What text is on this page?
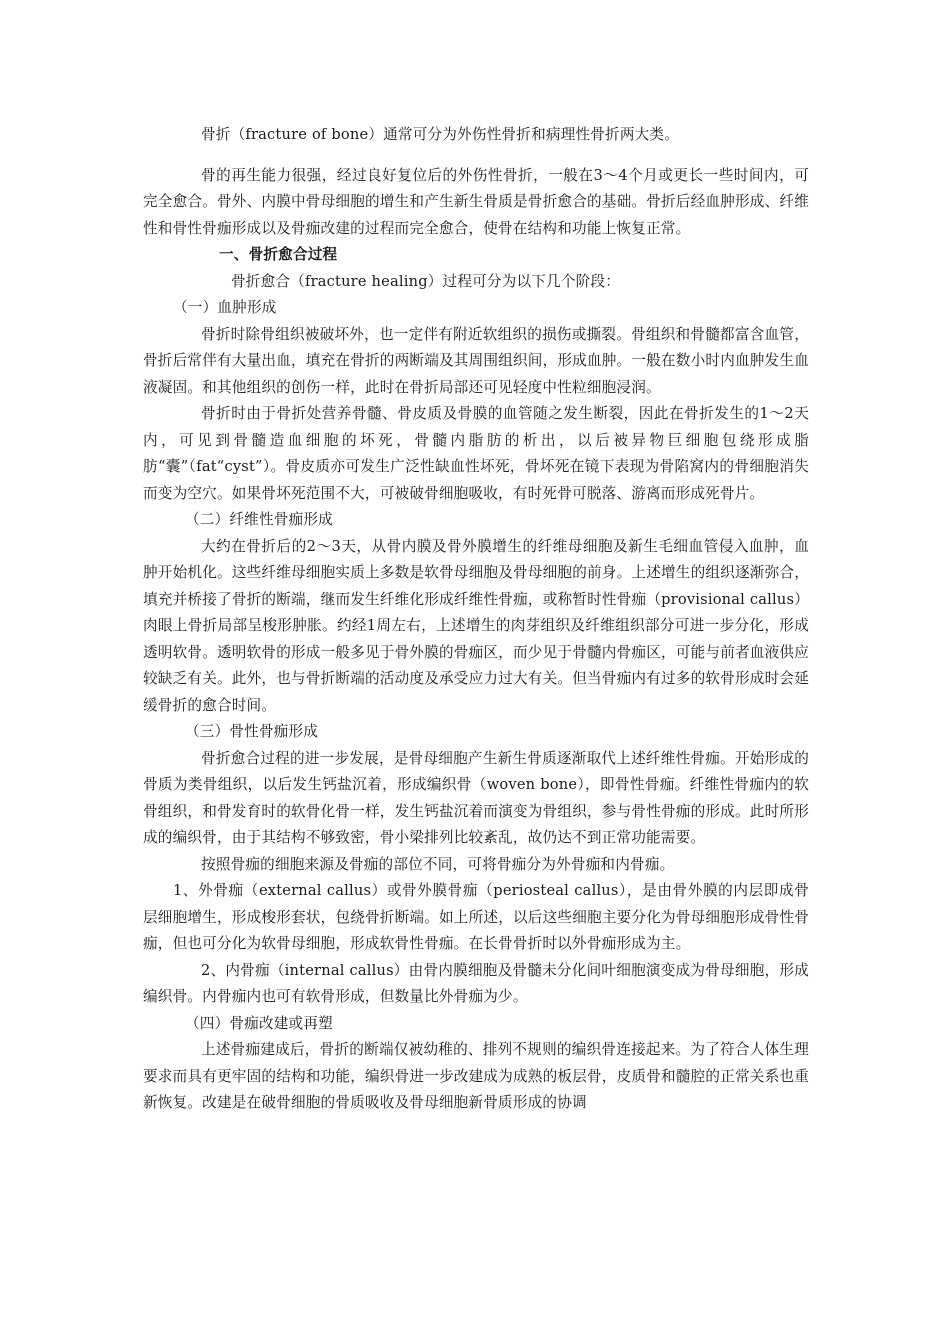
骨折（fracture of bone）通常可分为外伤性骨折和病理性骨折两大类。

骨的再生能力很强，经过良好复位后的外伤性骨折，一般在3～4个月或更长一些时间内，可完全愈合。骨外、内膜中骨母细胞的增生和产生新生骨质是骨折愈合的基础。骨折后经血肿形成、纤维性和骨性骨痂形成以及骨痂改建的过程而完全愈合，使骨在结构和功能上恢复正常。

一、骨折愈合过程

骨折愈合（fracture healing）过程可分为以下几个阶段：

（一）血肿形成

骨折时除骨组织被破坏外，也一定伴有附近软组织的损伤或撕裂。骨组织和骨髓都富含血管，骨折后常伴有大量出血，填充在骨折的两断端及其周围组织间，形成血肿。一般在数小时内血肿发生血液凝固。和其他组织的创伤一样，此时在骨折局部还可见轻度中性粒细胞浸润。

骨折时由于骨折处营养骨髓、骨皮质及骨膜的血管随之发生断裂，因此在骨折发生的1～2天内，可见到骨髓造血细胞的坏死，骨髓内脂肪的析出，以后被异物巨细胞包绕形成脂肪“囊”（fat“cyst”）。骨皮质亦可发生广泛性缺血性坏死，骨坏死在镜下表现为骨陷窝内的骨细胞消失而变为空穴。如果骨坏死范围不大，可被破骨细胞吸收，有时死骨可脱落、游离而形成死骨片。

（二）纤维性骨痂形成

大约在骨折后的2～3天，从骨内膜及骨外膜增生的纤维母细胞及新生毛细血管侵入血肿，血肿开始机化。这些纤维母细胞实质上多数是软骨母细胞及骨母细胞的前身。上述增生的组织逐渐弥合，填充并桥接了骨折的断端，继而发生纤维化形成纤维性骨痂，或称暂时性骨痂（provisional callus）肉眼上骨折局部呈梭形肿胀。约经1周左右，上述增生的肉芽组织及纤维组织部分可进一步分化，形成透明软骨。透明软骨的形成一般多见于骨外膜的骨痂区，而少见于骨髓内骨痂区，可能与前者血液供应较缺乏有关。此外，也与骨折断端的活动度及承受应力过大有关。但当骨痂内有过多的软骨形成时会延缓骨折的愈合时间。

（三）骨性骨痂形成

骨折愈合过程的进一步发展，是骨母细胞产生新生骨质逐渐取代上述纤维性骨痂。开始形成的骨质为类骨组织，以后发生钙盐沉着，形成编织骨（woven bone），即骨性骨痂。纤维性骨痂内的软骨组织，和骨发育时的软骨化骨一样，发生钙盐沉着而演变为骨组织，参与骨性骨痂的形成。此时所形成的编织骨，由于其结构不够致密，骨小梁排列比较紊乱，故仍达不到正常功能需要。

按照骨痂的细胞来源及骨痂的部位不同，可将骨痂分为外骨痂和内骨痂。

1、外骨痂（external callus）或骨外膜骨痂（periosteal callus），是由骨外膜的内层即成骨层细胞增生，形成梭形套状，包绕骨折断端。如上所述，以后这些细胞主要分化为骨母细胞形成骨性骨痂，但也可分化为软骨母细胞，形成软骨性骨痂。在长骨骨折时以外骨痂形成为主。

2、内骨痂（internal callus）由骨内膜细胞及骨髓未分化间叶细胞演变成为骨母细胞，形成编织骨。内骨痂内也可有软骨形成，但数量比外骨痂为少。

（四）骨痂改建或再塑

上述骨痂建成后，骨折的断端仅被幼稚的、排列不规则的编织骨连接起来。为了符合人体生理要求而具有更牢固的结构和功能，编织骨进一步改建成为成熟的板层骨，皮质骨和髓腔的正常关系也重新恢复。改建是在破骨细胞的骨质吸收及骨母细胞新骨质形成的协调
